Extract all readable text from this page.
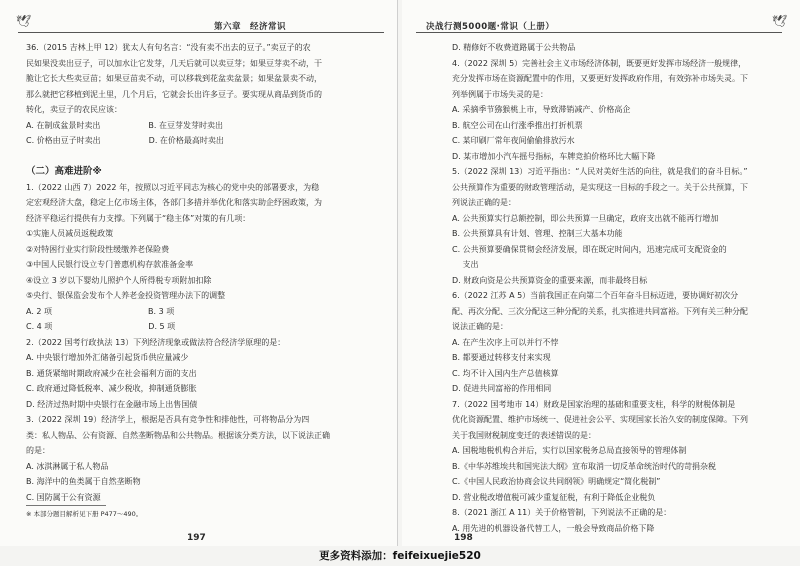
🕊	第六章　经济常识
36.（2015 吉林上甲 12）犹太人有句名言：“没有卖不出去的豆子。”卖豆子的农
民如果没卖出豆子，可以加水让它发芽，几天后就可以卖豆芽；如果豆芽卖不动，干
脆让它长大些卖豆苗；如果豆苗卖不动，可以移栽到花盆卖盆景；如果盆景卖不动，
那么就把它移植到泥土里，几个月后，它就会长出许多豆子。要实现从商品到货币的
转化，卖豆子的农民应该：
A. 在制成盆景时卖出　　　　　　B. 在豆芽发芽时卖出
C. 价格由豆子时卖出　　　　　　D. 在价格最高时卖出
（二）高难进阶※
1.（2022 山西 7）2022 年，按照以习近平同志为核心的党中央的部署要求，为稳
定宏观经济大盘，稳定上亿市场主体，各部门多措并举优化和落实助企纾困政策，为
经济平稳运行提供有力支撑。下列属于“稳主体”对策的有几项：
①实施人员减员返税政策
②对特困行业实行阶段性缓缴养老保险费
③中国人民银行设立专门普惠机构存款准备金率
④设立 3 岁以下婴幼儿照护个人所得税专项附加扣除
⑤央行、银保监会发布个人养老金投资管理办法下的调整
A. 2 项　　　　　　　　　　　　B. 3 项
C. 4 项　　　　　　　　　　　　D. 5 项
2.（2022 国考行政执法 13）下列经济现象或做法符合经济学原理的是：
A. 中央银行增加外汇储备引起货币供应量减少
B. 通货紧缩时期政府减少在社会福利方面的支出
C. 政府通过降低税率、减少税收，抑制通货膨胀
D. 经济过热时期中央银行在金融市场上出售国债
3.（2022 深圳 19）经济学上，根据是否具有竞争性和排他性，可将物品分为四
类：私人物品、公有资源、自然垄断物品和公共物品。根据该分类方法，以下说法正确
的是：
A. 冰淇淋属于私人物品
B. 海洋中的鱼类属于自然垄断物
C. 国防属于公有资源
※ 本部分题目解析见下册 P477～490。
197
🕊
决战行测5000题·常识（上册）
D. 精修好不收费道路属于公共物品
4.（2022 深圳 5）完善社会主义市场经济体制，既要更好发挥市场经济一般规律，
充分发挥市场在资源配置中的作用，又要更好发挥政府作用，有效弥补市场失灵。下
列举例属于市场失灵的是：
A. 采摘季节猕猴桃上市，导致滞销减产、价格高企
B. 航空公司在山行涨季推出打折机票
C. 某印刷厂常年夜间偷偷排放污水
D. 某市增加小汽车摇号指标，车牌竞拍价格环比大幅下降
5.（2022 深圳 13）习近平指出：“人民对美好生活的向往，就是我们的奋斗目标。”
公共预算作为重要的财政管理活动，是实现这一目标的手段之一。关于公共预算，下
列说法正确的是：
A. 公共预算实行总额控制，即公共预算一旦确定，政府支出就不能再行增加
B. 公共预算具有计划、管理、控制三大基本功能
C. 公共预算要确保贯彻会经济发展，即在既定时间内，迅速完成可支配资金的
　 支出
D. 财政向资是公共预算资金的重要来源，而非最终目标
6.（2022 江苏 A 5）当前我国正在向第二个百年奋斗目标迈进，要协调好初次分
配、再次分配、三次分配这三种分配的关系，扎实推进共同富裕。下列有关三种分配
说法正确的是：
A. 在产生次序上可以并行不悖
B. 都要通过转移支付来实现
C. 均不计入国内生产总值核算
D. 促进共同富裕的作用相同
7.（2022 国考地市 14）财政是国家治理的基础和重要支柱，科学的财税体制是
优化资源配置、维护市场统一、促进社会公平、实现国家长治久安的制度保障。下列
关于我国财税制度变迁的表述错误的是：
A. 国税地税机构合并后，实行以国家税务总局直接领导的管理体制
B.《中华苏维埃共和国宪法大纲》宣布取消一切反革命统治时代的苛捐杂税
C.《中国人民政治协商会议共同纲领》明确规定“简化税制”
D. 营业税改增值税可减少重复征税，有利于降低企业税负
8.（2021 浙江 A 11）关于价格管制，下列说法不正确的是：
A. 用先进的机器设备代替工人，一般会导致商品价格下降
198
更多资料添加：feifeixuejie520
